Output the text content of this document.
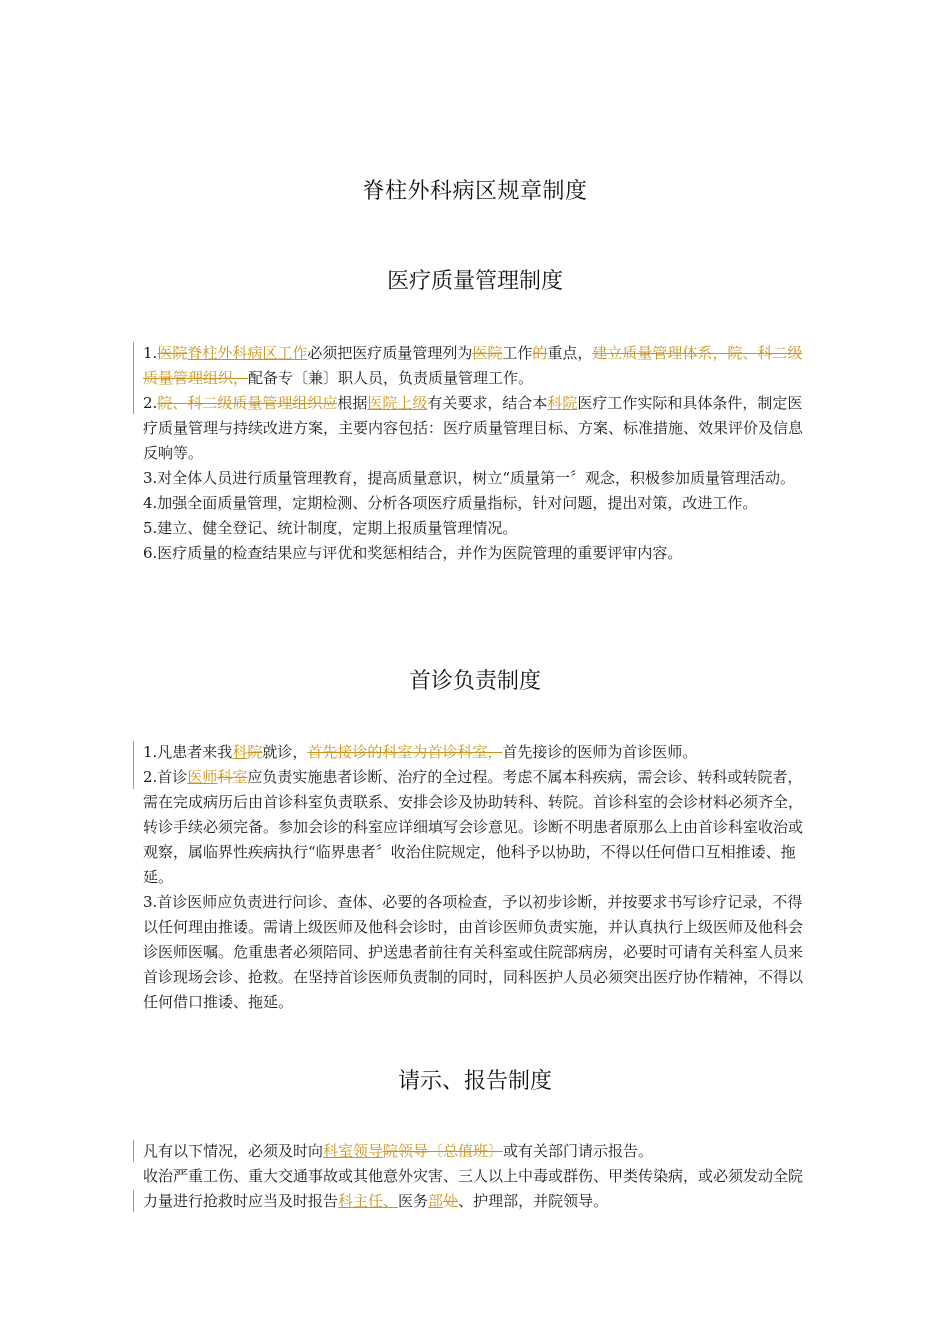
脊柱外科病区规章制度
医疗质量管理制度

1.医院脊柱外科病区工作必须把医疗质量管理列为医院工作的重点，建立质量管理体系，院、科二级质量管理组织，配备专〔兼〕职人员，负责质量管理工作。

2.院、科二级质量管理组织应根据医院上级有关要求，结合本科院医疗工作实际和具体条件，制定医疗质量管理与持续改进方案，主要内容包括：医疗质量管理目标、方案、标准措施、效果评价及信息反响等。

3.对全体人员进行质量管理教育，提高质量意识，树立“质量第一〞观念，积极参加质量管理活动。

4.加强全面质量管理，定期检测、分析各项医疗质量指标，针对问题，提出对策，改进工作。

5.建立、健全登记、统计制度，定期上报质量管理情况。

6.医疗质量的检查结果应与评优和奖惩相结合，并作为医院管理的重要评审内容。

首诊负责制度

1.凡患者来我科院就诊，首先接诊的科室为首诊科室，首先接诊的医师为首诊医师。

2.首诊医师科室应负责实施患者诊断、治疗的全过程。考虑不属本科疾病，需会诊、转科或转院者，需在完成病历后由首诊科室负责联系、安排会诊及协助转科、转院。首诊科室的会诊材料必须齐全，转诊手续必须完备。参加会诊的科室应详细填写会诊意见。诊断不明患者原那么上由首诊科室收治或观察，属临界性疾病执行“临界患者〞收治住院规定，他科予以协助，不得以任何借口互相推诿、拖延。

3.首诊医师应负责进行问诊、查体、必要的各项检查，予以初步诊断，并按要求书写诊疗记录，不得以任何理由推诿。需请上级医师及他科会诊时，由首诊医师负责实施，并认真执行上级医师及他科会诊医师医嘱。危重患者必须陪同、护送患者前往有关科室或住院部病房，必要时可请有关科室人员来首诊现场会诊、抢救。在坚持首诊医师负责制的同时，同科医护人员必须突出医疗协作精神，不得以任何借口推诿、拖延。

请示、报告制度

凡有以下情况，必须及时向科室领导院领导〔总值班〕或有关部门请示报告。

收治严重工伤、重大交通事故或其他意外灾害、三人以上中毒或群伤、甲类传染病，或必须发动全院力量进行抢救时应当及时报告科主任、医务部处、护理部，并院领导。
